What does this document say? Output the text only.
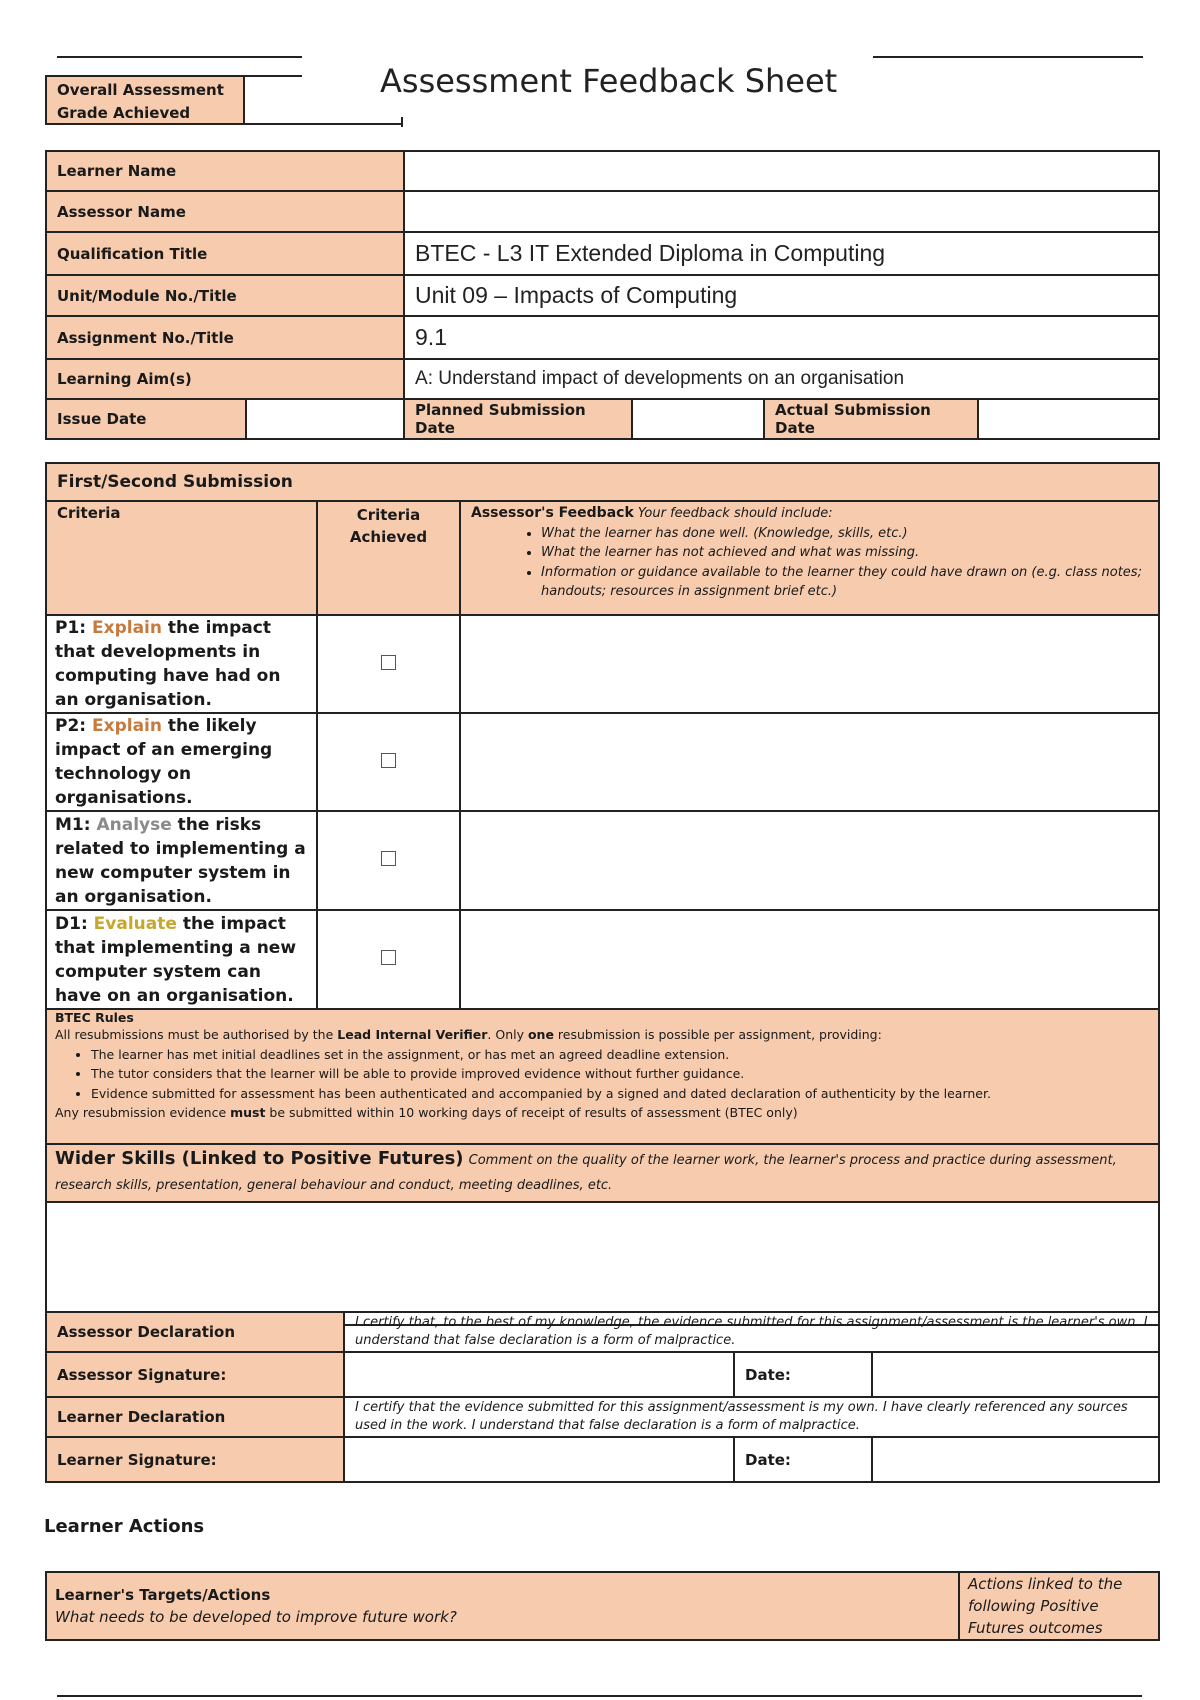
Overall Assessment
Grade Achieved
Assessment Feedback Sheet
Learner Name					
Assessor Name					
Qualification Title		BTEC - L3 IT Extended Diploma in Computing			
Unit/Module No./Title		Unit 09 – Impacts of Computing			
Assignment No./Title		9.1			
Learning Aim(s)		A: Understand impact of developments on an organisation			
Issue Date		Planned Submission Date		Actual Submission Date	
First/Second Submission		
Criteria	Criteria
Achieved
	Assessor's Feedback Your feedback should include:
• What the learner has done well. (Knowledge, skills, etc.)
• What the learner has not achieved and what was missing.
• Information or guidance available to the learner they could have drawn on (e.g. class notes; handouts; resources in assignment brief etc.)

P1: Explain the impact that developments in computing have had on an organisation.		
P2: Explain the likely impact of an emerging technology on organisations.		
M1: Analyse the risks related to implementing a new computer system in an organisation.		
D1: Evaluate the impact that implementing a new computer system can have on an organisation.		

BTEC Rules
All resubmissions must be authorised by the Lead Internal Verifier. Only one resubmission is possible per assignment, providing:
• The learner has met initial deadlines set in the assignment, or has met an agreed deadline extension.
• The tutor considers that the learner will be able to provide improved evidence without further guidance.
• Evidence submitted for assessment has been authenticated and accompanied by a signed and dated declaration of authenticity by the learner.
Any resubmission evidence must be submitted within 10 working days of receipt of results of assessment (BTEC only)

Wider Skills (Linked to Positive Futures) Comment on the quality of the learner work, the learner's process and practice during assessment, research skills, presentation, general behaviour and conduct, meeting deadlines, etc.		

Assessor Declaration	I certify that, to the best of my knowledge, the evidence submitted for this assignment/assessment is the learner's own. I understand that false declaration is a form of malpractice.		
Assessor Signature:		Date:	
Learner Declaration	I certify that the evidence submitted for this assignment/assessment is my own. I have clearly referenced any sources used in the work. I understand that false declaration is a form of malpractice.		
Learner Signature:		Date:	
Learner Actions
Learner's Targets/Actions
What needs to be developed to improve future work?
	Actions linked to the following Positive Futures outcomes
